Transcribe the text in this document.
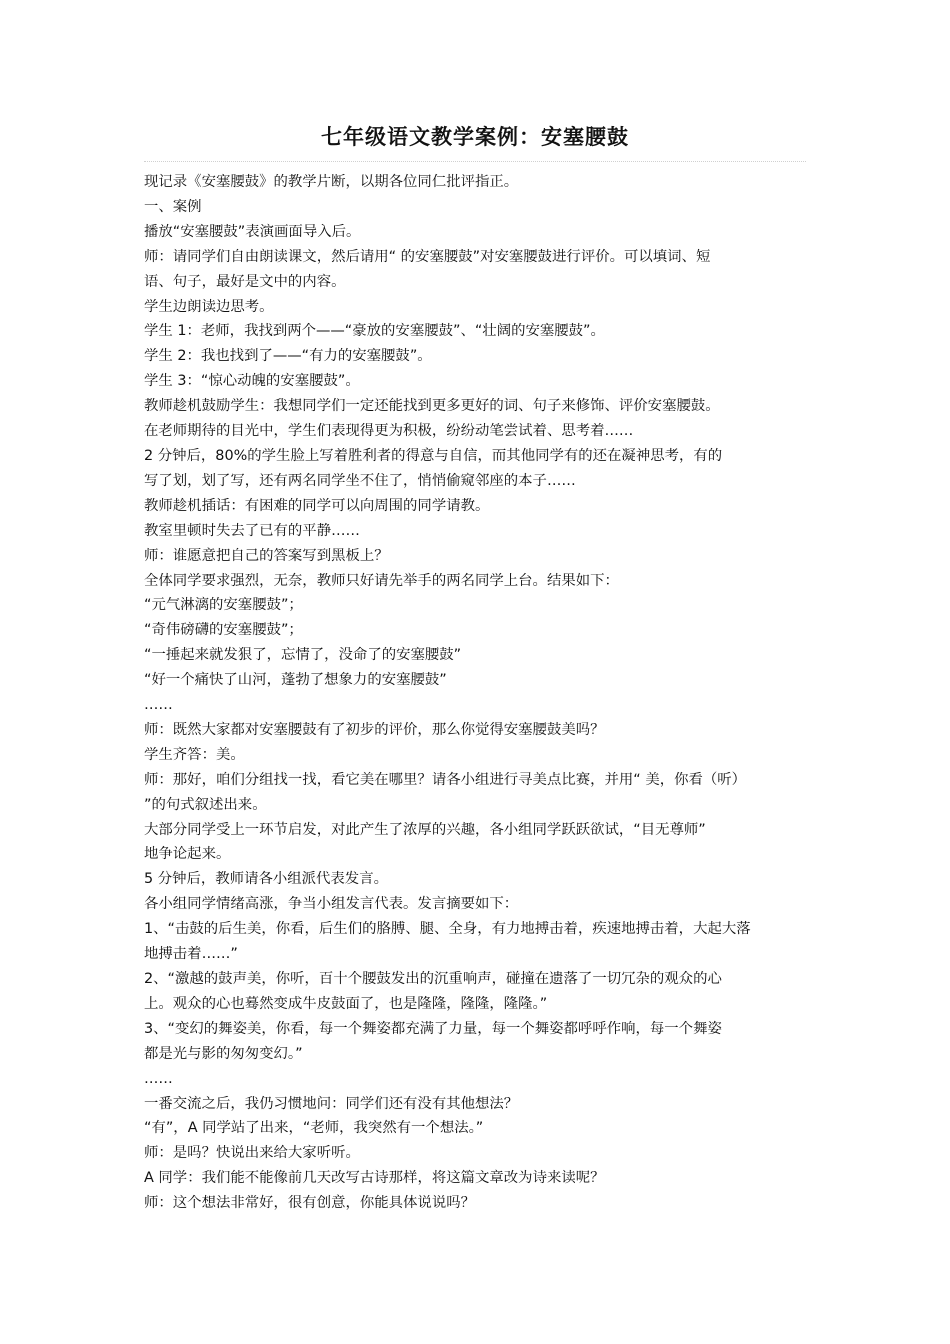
七年级语文教学案例：安塞腰鼓

现记录《安塞腰鼓》的教学片断，以期各位同仁批评指正。

一、案例

播放“安塞腰鼓”表演画面导入后。

师：请同学们自由朗读课文，然后请用“ 的安塞腰鼓”对安塞腰鼓进行评价。可以填词、短

语、句子，最好是文中的内容。

学生边朗读边思考。

学生 1：老师，我找到两个——“豪放的安塞腰鼓”、“壮阔的安塞腰鼓”。

学生 2：我也找到了——“有力的安塞腰鼓”。

学生 3：“惊心动魄的安塞腰鼓”。

教师趁机鼓励学生：我想同学们一定还能找到更多更好的词、句子来修饰、评价安塞腰鼓。

在老师期待的目光中，学生们表现得更为积极，纷纷动笔尝试着、思考着……

2 分钟后，80%的学生脸上写着胜利者的得意与自信，而其他同学有的还在凝神思考，有的

写了划，划了写，还有两名同学坐不住了，悄悄偷窥邻座的本子……

教师趁机插话：有困难的同学可以向周围的同学请教。

教室里顿时失去了已有的平静……

师：谁愿意把自己的答案写到黑板上？

全体同学要求强烈，无奈，教师只好请先举手的两名同学上台。结果如下：

“元气淋漓的安塞腰鼓”；

“奇伟磅礴的安塞腰鼓”；

“一捶起来就发狠了，忘情了，没命了的安塞腰鼓”

“好一个痛快了山河，蓬勃了想象力的安塞腰鼓”

……

师：既然大家都对安塞腰鼓有了初步的评价，那么你觉得安塞腰鼓美吗？

学生齐答：美。

师：那好，咱们分组找一找，看它美在哪里？请各小组进行寻美点比赛，并用“ 美，你看（听）

”的句式叙述出来。

大部分同学受上一环节启发，对此产生了浓厚的兴趣，各小组同学跃跃欲试，“目无尊师”

地争论起来。

5 分钟后，教师请各小组派代表发言。

各小组同学情绪高涨，争当小组发言代表。发言摘要如下：

1、“击鼓的后生美，你看，后生们的胳膊、腿、全身，有力地搏击着，疾速地搏击着，大起大落

地搏击着……”

2、“激越的鼓声美，你听，百十个腰鼓发出的沉重响声，碰撞在遗落了一切冗杂的观众的心

上。观众的心也蓦然变成牛皮鼓面了，也是隆隆，隆隆，隆隆。”

3、“变幻的舞姿美，你看，每一个舞姿都充满了力量，每一个舞姿都呼呼作响，每一个舞姿

都是光与影的匆匆变幻。”

……

一番交流之后，我仍习惯地问：同学们还有没有其他想法？

“有”，A 同学站了出来，“老师，我突然有一个想法。”

师：是吗？快说出来给大家听听。

A 同学：我们能不能像前几天改写古诗那样，将这篇文章改为诗来读呢？

师：这个想法非常好，很有创意，你能具体说说吗？
